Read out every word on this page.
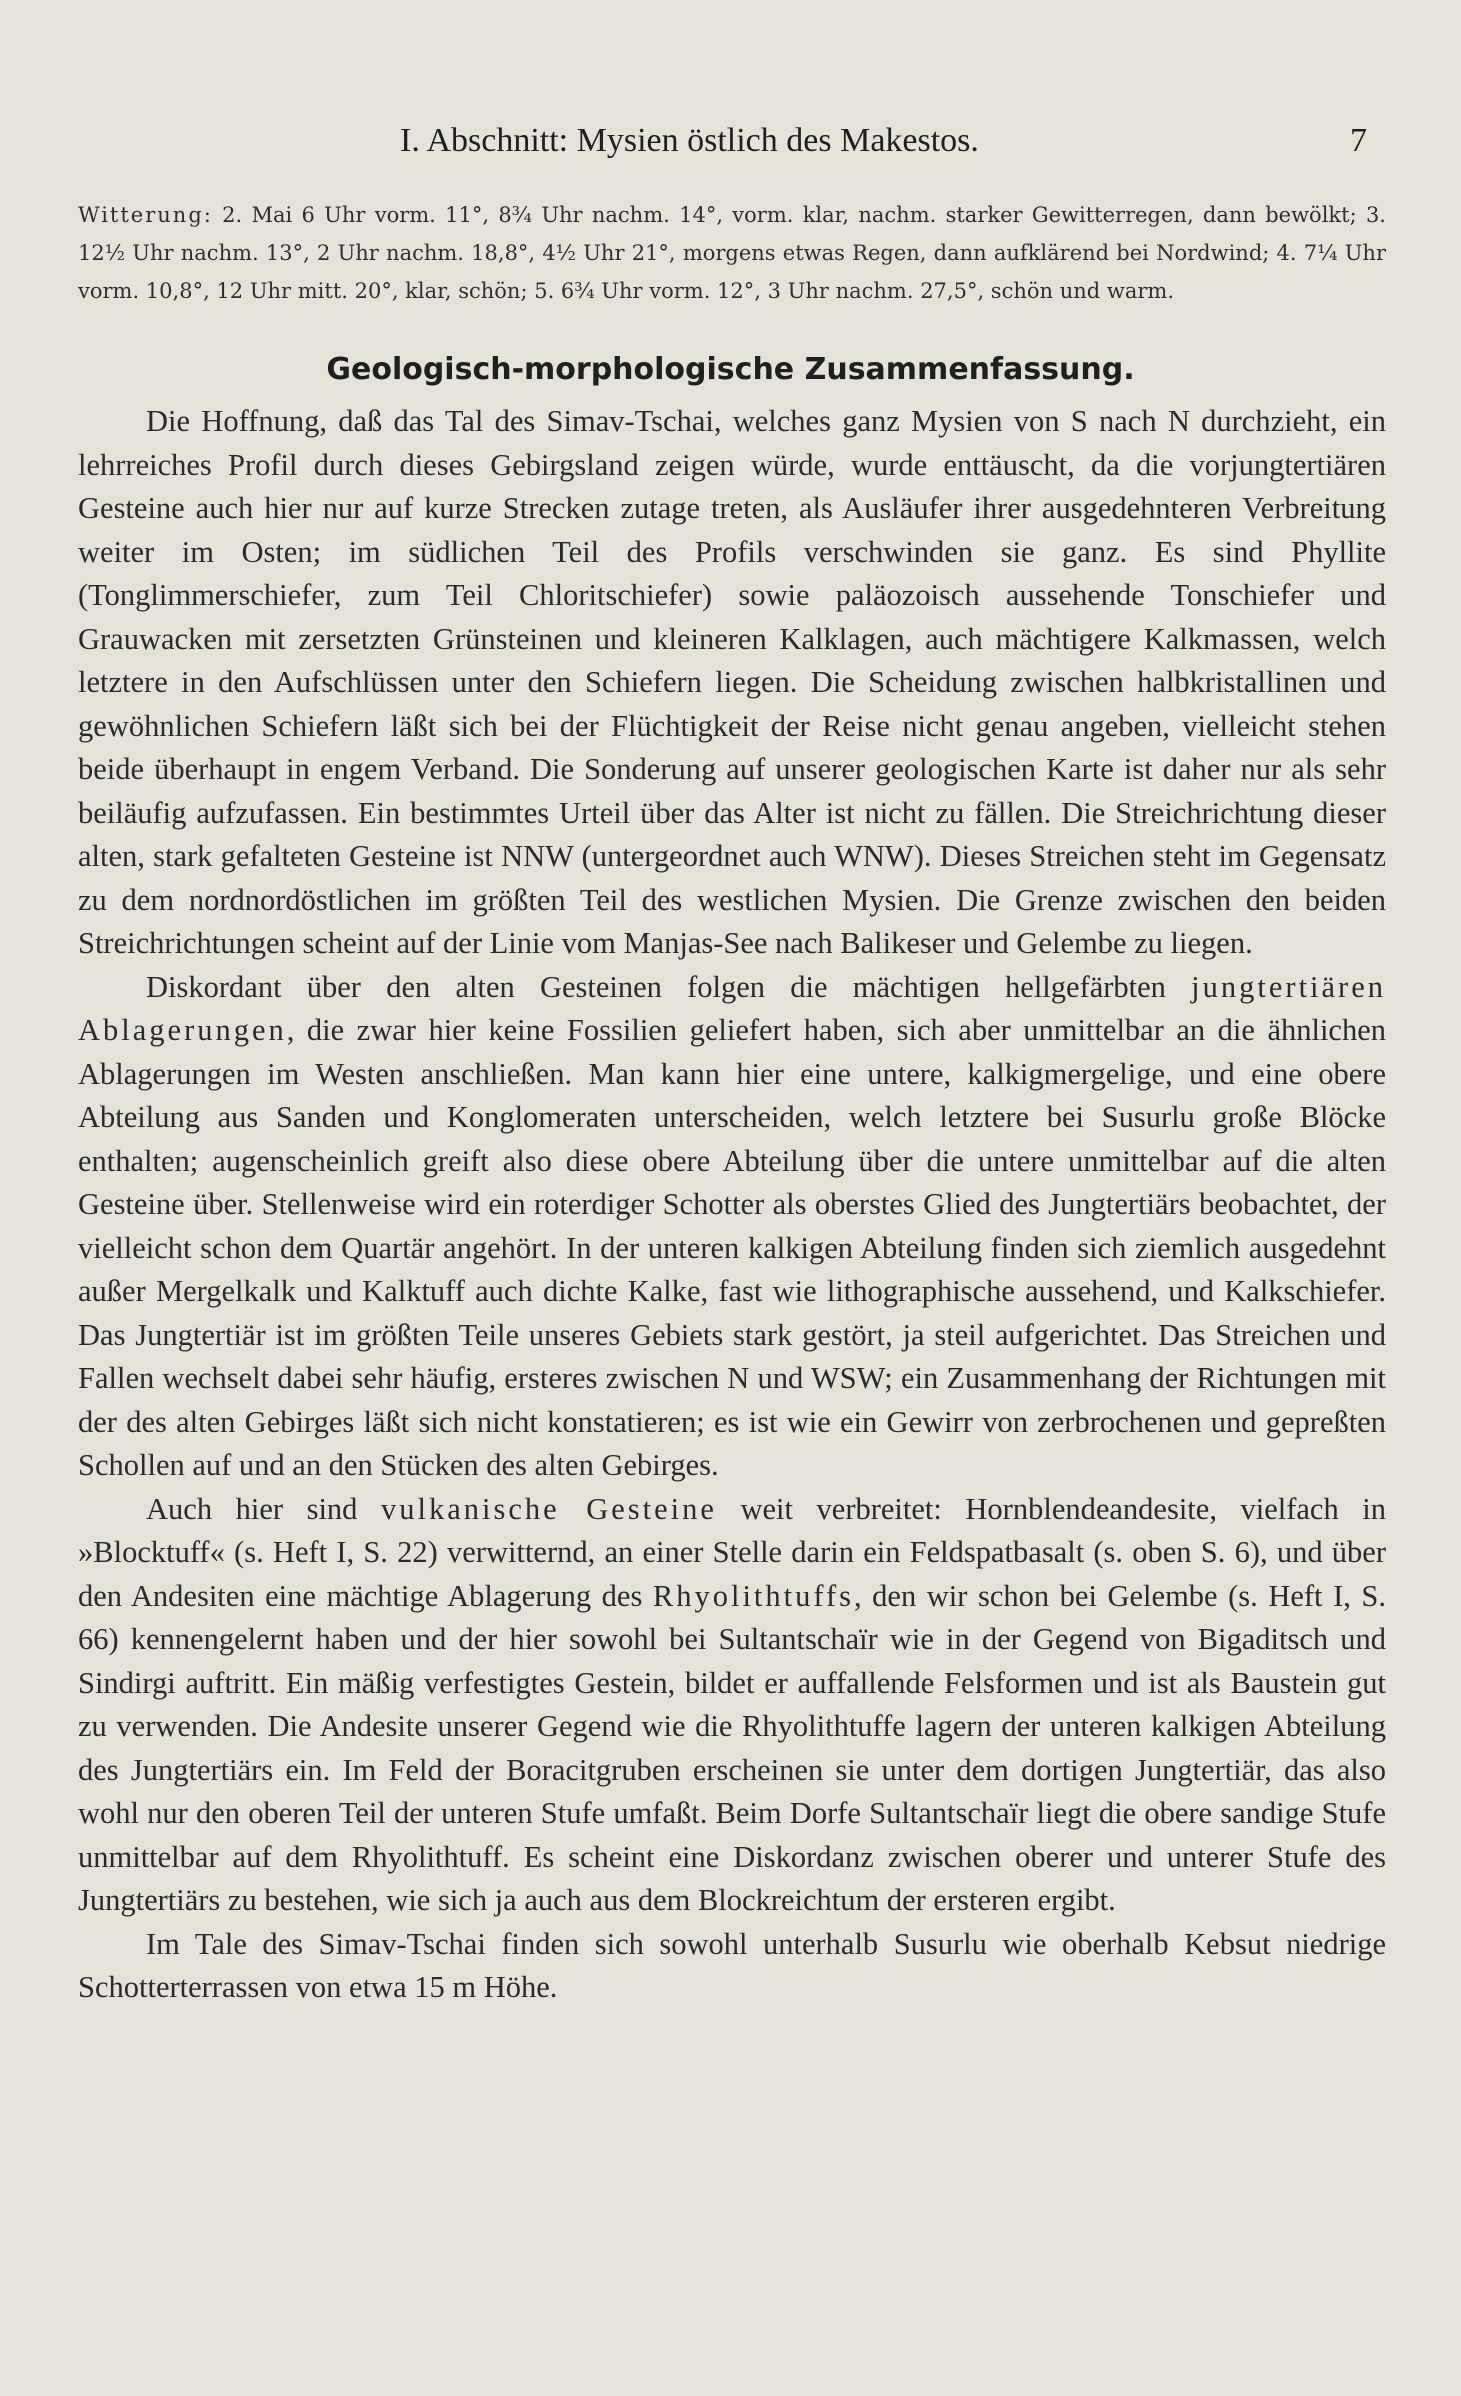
I. Abschnitt: Mysien östlich des Makestos.	7
Witterung: 2. Mai 6 Uhr vorm. 11°, 8¾ Uhr nachm. 14°, vorm. klar, nachm. starker Gewitterregen, dann bewölkt; 3. 12½ Uhr nachm. 13°, 2 Uhr nachm. 18,8°, 4½ Uhr 21°, morgens etwas Regen, dann aufklärend bei Nordwind; 4. 7¼ Uhr vorm. 10,8°, 12 Uhr mitt. 20°, klar, schön; 5. 6¾ Uhr vorm. 12°, 3 Uhr nachm. 27,5°, schön und warm.
Geologisch-morphologische Zusammenfassung.

Die Hoffnung, daß das Tal des Simav-Tschai, welches ganz Mysien von S nach N durchzieht, ein lehrreiches Profil durch dieses Gebirgsland zeigen würde, wurde enttäuscht, da die vorjungtertiären Gesteine auch hier nur auf kurze Strecken zutage treten, als Ausläufer ihrer ausgedehnteren Verbreitung weiter im Osten; im südlichen Teil des Profils verschwinden sie ganz. Es sind Phyllite (Tonglimmerschiefer, zum Teil Chloritschiefer) sowie paläozoisch aussehende Tonschiefer und Grauwacken mit zersetzten Grünsteinen und kleineren Kalklagen, auch mächtigere Kalkmassen, welch letztere in den Aufschlüssen unter den Schiefern liegen. Die Scheidung zwischen halbkristallinen und gewöhnlichen Schiefern läßt sich bei der Flüchtigkeit der Reise nicht genau angeben, vielleicht stehen beide überhaupt in engem Verband. Die Sonderung auf unserer geologischen Karte ist daher nur als sehr beiläufig aufzufassen. Ein bestimmtes Urteil über das Alter ist nicht zu fällen. Die Streichrichtung dieser alten, stark gefalteten Gesteine ist NNW (untergeordnet auch WNW). Dieses Streichen steht im Gegensatz zu dem nordnordöstlichen im größten Teil des westlichen Mysien. Die Grenze zwischen den beiden Streichrichtungen scheint auf der Linie vom Manjas-See nach Balikeser und Gelembe zu liegen.

Diskordant über den alten Gesteinen folgen die mächtigen hellgefärbten jungtertiären Ablagerungen, die zwar hier keine Fossilien geliefert haben, sich aber unmittelbar an die ähnlichen Ablagerungen im Westen anschließen. Man kann hier eine untere, kalkigmergelige, und eine obere Abteilung aus Sanden und Konglomeraten unterscheiden, welch letztere bei Susurlu große Blöcke enthalten; augenscheinlich greift also diese obere Abteilung über die untere unmittelbar auf die alten Gesteine über. Stellenweise wird ein roterdiger Schotter als oberstes Glied des Jungtertiärs beobachtet, der vielleicht schon dem Quartär angehört. In der unteren kalkigen Abteilung finden sich ziemlich ausgedehnt außer Mergelkalk und Kalktuff auch dichte Kalke, fast wie lithographische aussehend, und Kalkschiefer. Das Jungtertiär ist im größten Teile unseres Gebiets stark gestört, ja steil aufgerichtet. Das Streichen und Fallen wechselt dabei sehr häufig, ersteres zwischen N und WSW; ein Zusammenhang der Richtungen mit der des alten Gebirges läßt sich nicht konstatieren; es ist wie ein Gewirr von zerbrochenen und gepreßten Schollen auf und an den Stücken des alten Gebirges.

Auch hier sind vulkanische Gesteine weit verbreitet: Hornblendeandesite, vielfach in »Blocktuff« (s. Heft I, S. 22) verwitternd, an einer Stelle darin ein Feldspatbasalt (s. oben S. 6), und über den Andesiten eine mächtige Ablagerung des Rhyolithtuffs, den wir schon bei Gelembe (s. Heft I, S. 66) kennengelernt haben und der hier sowohl bei Sultantschaïr wie in der Gegend von Bigaditsch und Sindirgi auftritt. Ein mäßig verfestigtes Gestein, bildet er auffallende Felsformen und ist als Baustein gut zu verwenden. Die Andesite unserer Gegend wie die Rhyolithtuffe lagern der unteren kalkigen Abteilung des Jungtertiärs ein. Im Feld der Boracitgruben erscheinen sie unter dem dortigen Jungtertiär, das also wohl nur den oberen Teil der unteren Stufe umfaßt. Beim Dorfe Sultantschaïr liegt die obere sandige Stufe unmittelbar auf dem Rhyolithtuff. Es scheint eine Diskordanz zwischen oberer und unterer Stufe des Jungtertiärs zu bestehen, wie sich ja auch aus dem Blockreichtum der ersteren ergibt.

Im Tale des Simav-Tschai finden sich sowohl unterhalb Susurlu wie oberhalb Kebsut niedrige Schotterterrassen von etwa 15 m Höhe.
